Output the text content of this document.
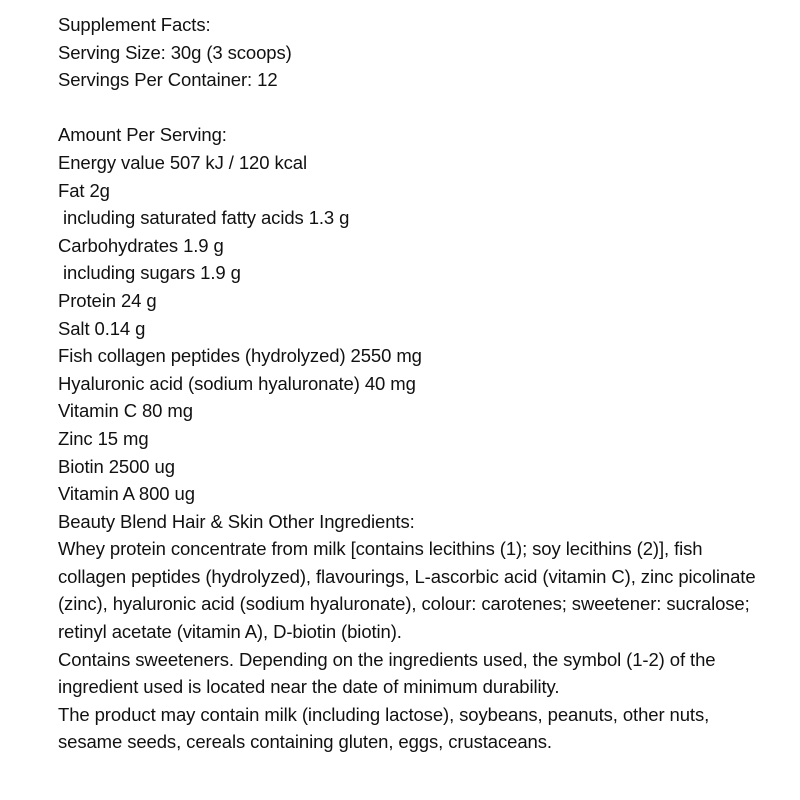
Supplement Facts:
Serving Size: 30g (3 scoops)
Servings Per Container: 12
Amount Per Serving:
Energy value 507 kJ / 120 kcal
Fat 2g
including saturated fatty acids 1.3 g
Carbohydrates 1.9 g
including sugars 1.9 g
Protein 24 g
Salt 0.14 g
Fish collagen peptides (hydrolyzed) 2550 mg
Hyaluronic acid (sodium hyaluronate) 40 mg
Vitamin C 80 mg
Zinc 15 mg
Biotin 2500 ug
Vitamin A 800 ug
Beauty Blend Hair & Skin Other Ingredients:
Whey protein concentrate from milk [contains lecithins (1); soy lecithins (2)], fish collagen peptides (hydrolyzed), flavourings, L-ascorbic acid (vitamin C), zinc picolinate (zinc), hyaluronic acid (sodium hyaluronate), colour: carotenes; sweetener: sucralose; retinyl acetate (vitamin A), D-biotin (biotin).
Contains sweeteners. Depending on the ingredients used, the symbol (1-2) of the ingredient used is located near the date of minimum durability.
The product may contain milk (including lactose), soybeans, peanuts, other nuts, sesame seeds, cereals containing gluten, eggs, crustaceans.
